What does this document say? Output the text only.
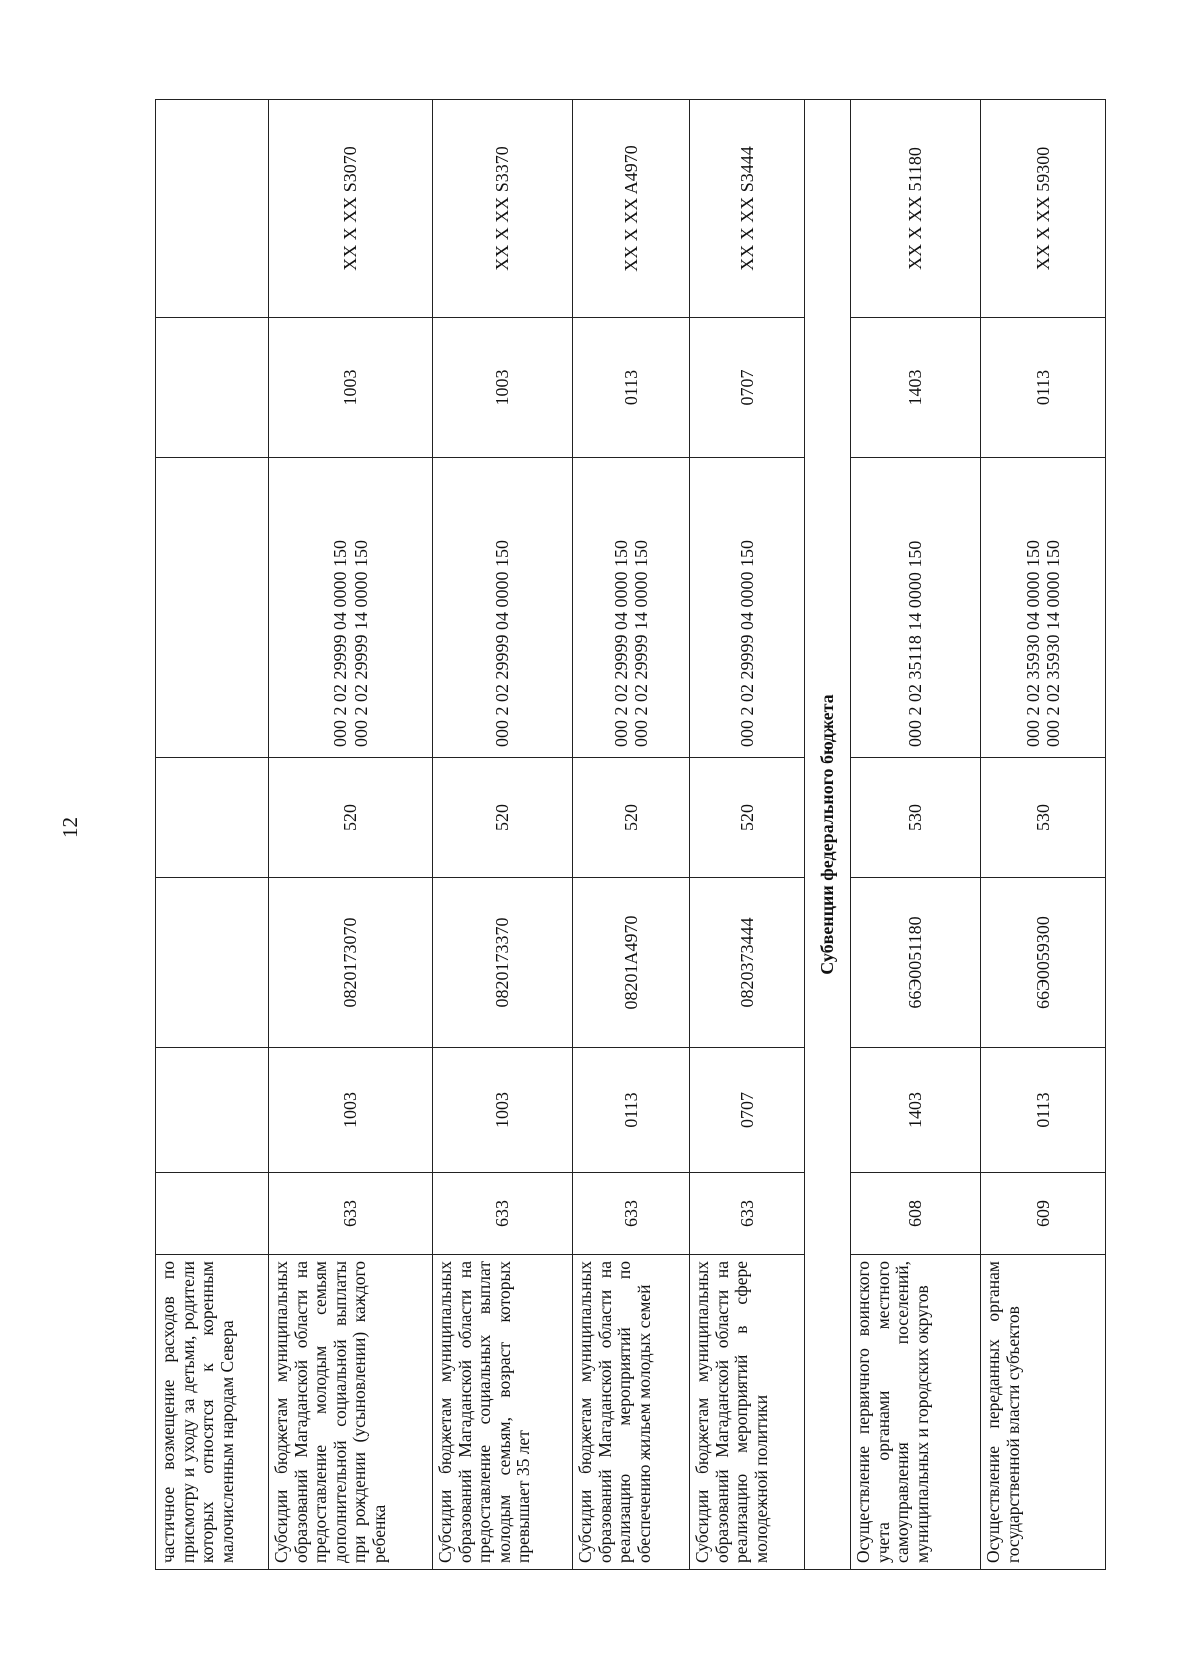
12
частичное возмещение расходов по присмотру и уходу за детьми, родители которых относятся к коренным малочисленным народам Севера					

Субсидии бюджетам муниципальных образований Магаданской области на предоставление молодым семьям дополнительной социальной выплаты при рождении (усыновлении) каждого ребенка	633	1003	0820173070	520	000 2 02 29999 04 0000 150 000 2 02 29999 14 0000 150	1003	XX X XX S3070
Субсидии бюджетам муниципальных образований Магаданской области на предоставление социальных выплат молодым семьям, возраст которых превышает 35 лет	633	1003	0820173370	520	000 2 02 29999 04 0000 150	1003	XX X XX S3370
Субсидии бюджетам муниципальных образований Магаданской области на реализацию мероприятий по обеспечению жильем молодых семей	633	0113	08201A4970	520	000 2 02 29999 04 0000 150 000 2 02 29999 14 0000 150	0113	XX X XX A4970
Субсидии бюджетам муниципальных образований Магаданской области на реализацию мероприятий в сфере молодежной политики	633	0707	0820373444	520	000 2 02 29999 04 0000 150	0707	XX X XX S3444
Субвенции федерального бюджета							
Осуществление первичного воинского учета органами местного самоуправления поселений, муниципальных и городских округов	608	1403	66Э0051180	530	000 2 02 35118 14 0000 150	1403	XX X XX 51180
Осуществление переданных органам государственной власти субъектов	609	0113	66Э0059300	530	000 2 02 35930 04 0000 150 000 2 02 35930 14 0000 150	0113	XX X XX 59300
